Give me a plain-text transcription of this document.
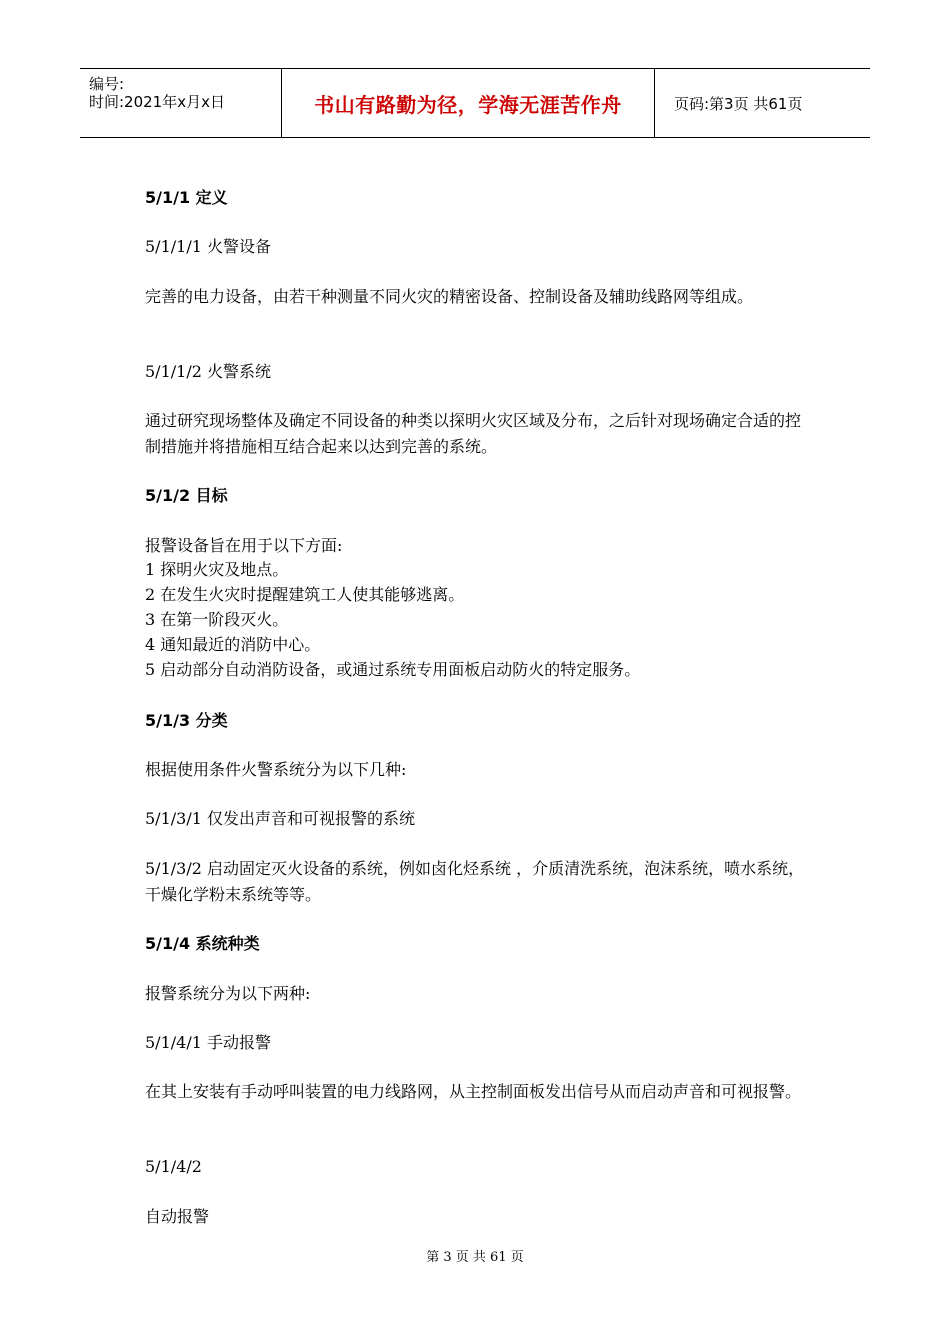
编号:
时间:2021年x月x日	书山有路勤为径，学海无涯苦作舟	页码:第3页 共61页
5/1/1 定义
5/1/1/1 火警设备
完善的电力设备，由若干种测量不同火灾的精密设备、控制设备及辅助线路网等组成。
5/1/1/2 火警系统
通过研究现场整体及确定不同设备的种类以探明火灾区域及分布，之后针对现场确定合适的控制措施并将措施相互结合起来以达到完善的系统。
5/1/2 目标
报警设备旨在用于以下方面:
1 探明火灾及地点。
2 在发生火灾时提醒建筑工人使其能够逃离。
3 在第一阶段灭火。
4 通知最近的消防中心。
5 启动部分自动消防设备，或通过系统专用面板启动防火的特定服务。
5/1/3 分类
根据使用条件火警系统分为以下几种:
5/1/3/1 仅发出声音和可视报警的系统
5/1/3/2 启动固定灭火设备的系统，例如卤化烃系统 ，介质清洗系统，泡沫系统，喷水系统，干燥化学粉末系统等等。
5/1/4 系统种类
报警系统分为以下两种:
5/1/4/1 手动报警
在其上安装有手动呼叫装置的电力线路网，从主控制面板发出信号从而启动声音和可视报警。
5/1/4/2
自动报警
第 3 页 共 61 页
